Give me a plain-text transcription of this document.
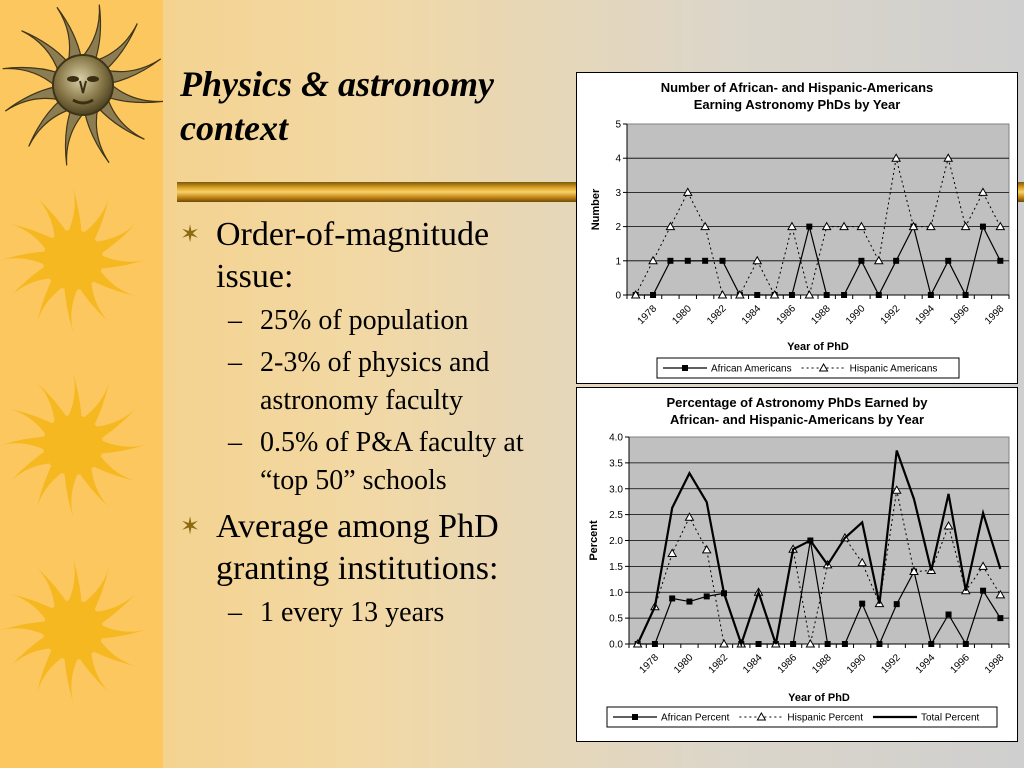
Physics & astronomy
context
✶ Order-of-magnitude issue:
– 25% of population
– 2-3% of physics and astronomy faculty
– 0.5% of P&A faculty at “top 50” schools
✶ Average among PhD granting institutions:
– 1 every 13 years
0
1
2
3
4
5
1978 1980 1982 1984 1986 1988 1990 1992 1994 1996 1998
Year of PhD
Number
African Americans	Hispanic Americans
Number of African- and Hispanic-Americans
Earning Astronomy PhDs by Year
0.0
0.5
1.0
1.5
2.0
2.5
3.0
3.5
4.0
1978 1980 1982 1984 1986 1988 1990 1992 1994 1996 1998
Year of PhD
Percent
African Percent	Hispanic Percent	Total Percent
Percentage of Astronomy PhDs Earned by
African- and Hispanic-Americans by Year
